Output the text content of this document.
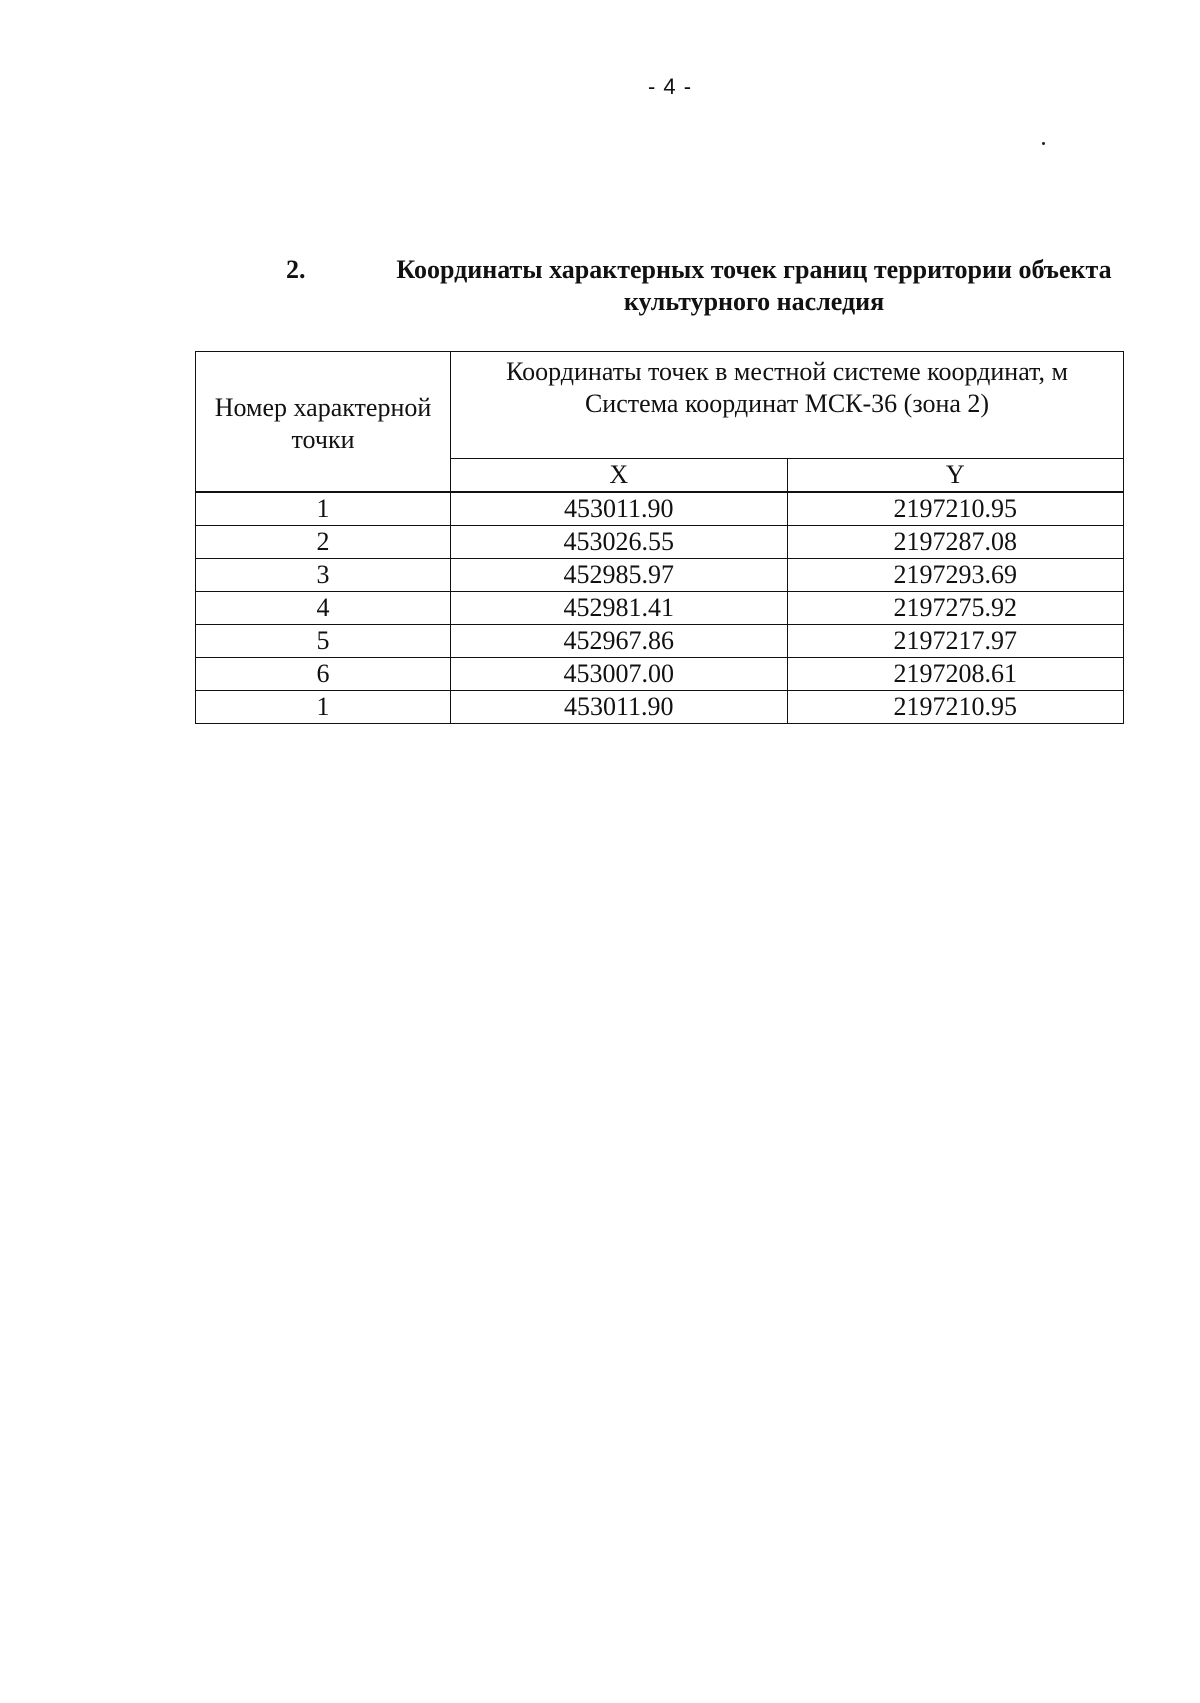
- 4 -
2.	Координаты характерных точек границ территории объекта
культурного наследия
Номер характерной точки	Координаты точек в местной системе координат, м
Система координат МСК-36 (зона 2)	

	X	Y
1	453011.90	2197210.95
2	453026.55	2197287.08
3	452985.97	2197293.69
4	452981.41	2197275.92
5	452967.86	2197217.97
6	453007.00	2197208.61
1	453011.90	2197210.95
